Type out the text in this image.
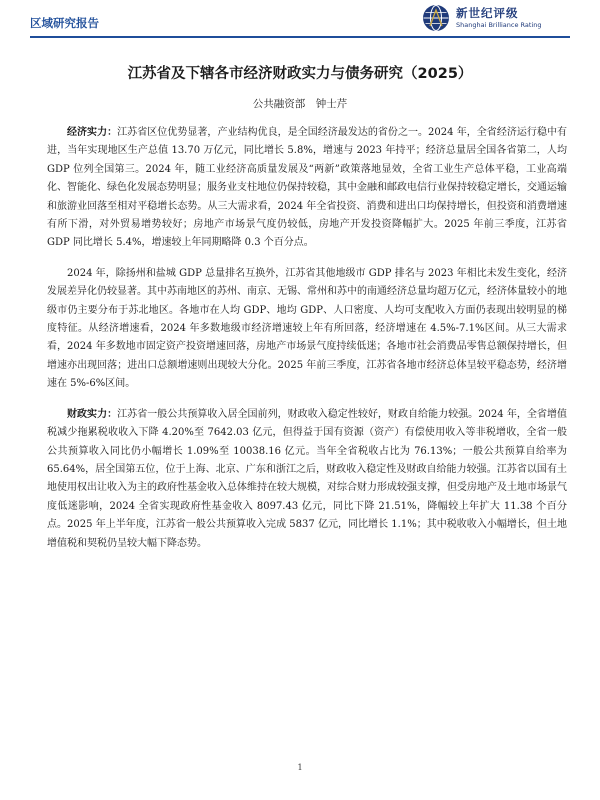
区域研究报告
新世纪评级
Shanghai Brilliance Rating
江苏省及下辖各市经济财政实力与债务研究（2025）
公共融资部　钟士芹

经济实力：江苏省区位优势显著，产业结构优良，是全国经济最发达的省份之一。2024 年，全省经济运行稳中有进，当年实现地区生产总值 13.70 万亿元，同比增长 5.8%，增速与 2023 年持平；经济总量居全国各省第二，人均 GDP 位列全国第三。2024 年，随工业经济高质量发展及“两新”政策落地显效，全省工业生产总体平稳，工业高端化、智能化、绿色化发展态势明显；服务业支柱地位仍保持较稳，其中金融和邮政电信行业保持较稳定增长，交通运输和旅游业回落至相对平稳增长态势。从三大需求看，2024 年全省投资、消费和进出口均保持增长，但投资和消费增速有所下滑，对外贸易增势较好；房地产市场景气度仍较低，房地产开发投资降幅扩大。2025 年前三季度，江苏省 GDP 同比增长 5.4%，增速较上年同期略降 0.3 个百分点。

2024 年，除扬州和盐城 GDP 总量排名互换外，江苏省其他地级市 GDP 排名与 2023 年相比未发生变化，经济发展差异化仍较显著。其中苏南地区的苏州、南京、无锡、常州和苏中的南通经济总量均超万亿元，经济体量较小的地级市仍主要分布于苏北地区。各地市在人均 GDP、地均 GDP、人口密度、人均可支配收入方面仍表现出较明显的梯度特征。从经济增速看，2024 年多数地级市经济增速较上年有所回落，经济增速在 4.5%-7.1%区间。从三大需求看，2024 年多数地市固定资产投资增速回落，房地产市场景气度持续低迷；各地市社会消费品零售总额保持增长，但增速亦出现回落；进出口总额增速则出现较大分化。2025 年前三季度，江苏省各地市经济总体呈较平稳态势，经济增速在 5%-6%区间。

财政实力：江苏省一般公共预算收入居全国前列，财政收入稳定性较好，财政自给能力较强。2024 年，全省增值税减少拖累税收收入下降 4.20%至 7642.03 亿元，但得益于国有资源（资产）有偿使用收入等非税增收，全省一般公共预算收入同比仍小幅增长 1.09%至 10038.16 亿元。当年全省税收占比为 76.13%；一般公共预算自给率为 65.64%，居全国第五位，位于上海、北京、广东和浙江之后，财政收入稳定性及财政自给能力较强。江苏省以国有土地使用权出让收入为主的政府性基金收入总体维持在较大规模，对综合财力形成较强支撑，但受房地产及土地市场景气度低迷影响，2024 全省实现政府性基金收入 8097.43 亿元，同比下降 21.51%，降幅较上年扩大 11.38 个百分点。2025 年上半年度，江苏省一般公共预算收入完成 5837 亿元，同比增长 1.1%；其中税收收入小幅增长，但土地增值税和契税仍呈较大幅下降态势。

1
